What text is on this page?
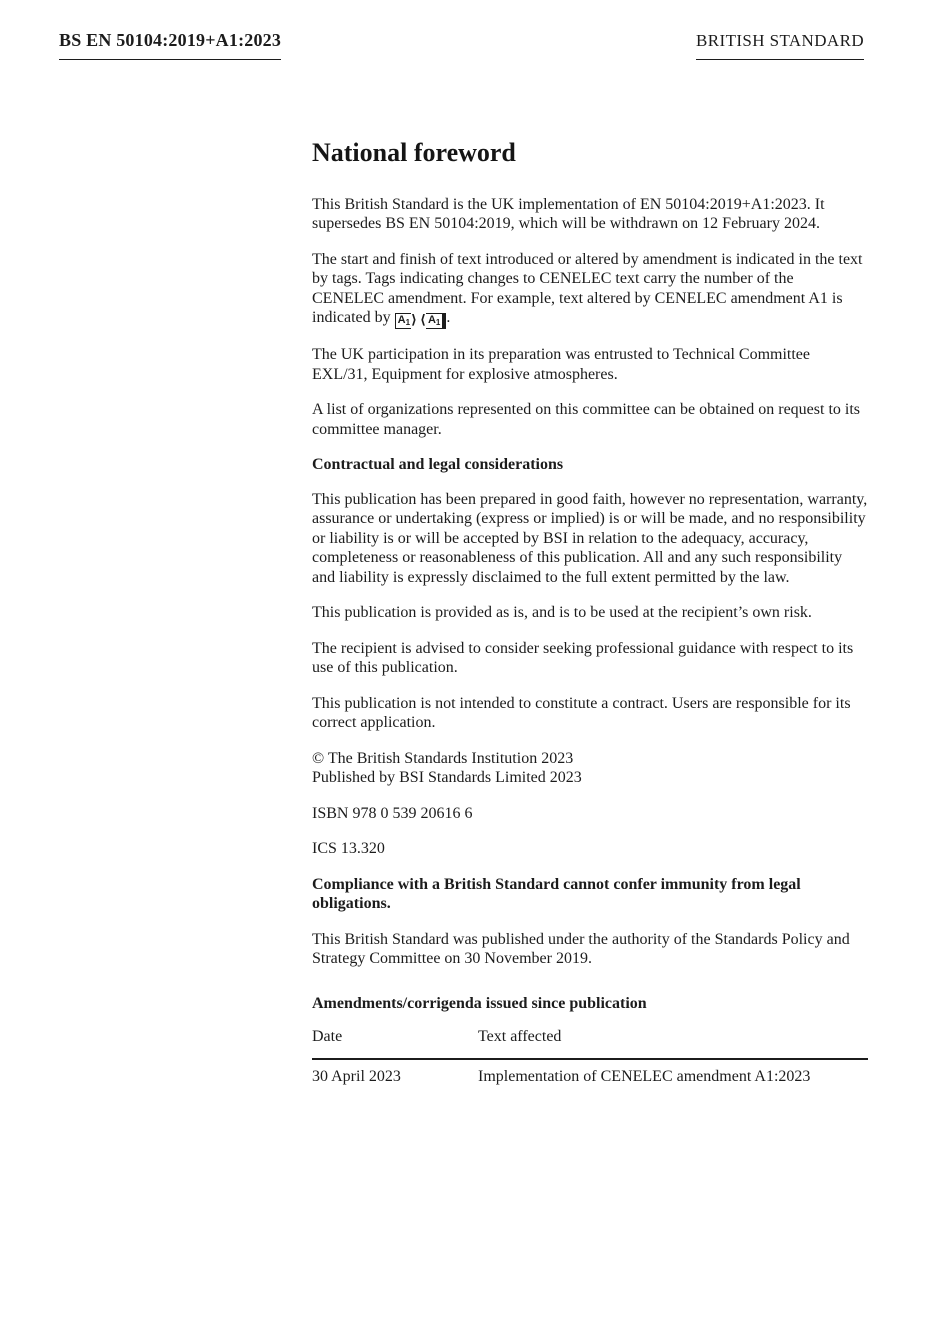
BS EN 50104:2019+A1:2023	BRITISH STANDARD
National foreword

This British Standard is the UK implementation of EN 50104:2019+A1:2023. It supersedes BS EN 50104:2019, which will be withdrawn on 12 February 2024.

The start and finish of text introduced or altered by amendment is indicated in the text by tags. Tags indicating changes to CENELEC text carry the number of the CENELEC amendment. For example, text altered by CENELEC amendment A1 is indicated by $A_1⟩$ ⟨ $A_1$ .

The UK participation in its preparation was entrusted to Technical Committee EXL/31, Equipment for explosive atmospheres.

A list of organizations represented on this committee can be obtained on request to its committee manager.

Contractual and legal considerations

This publication has been prepared in good faith, however no representation, warranty, assurance or undertaking (express or implied) is or will be made, and no responsibility or liability is or will be accepted by BSI in relation to the adequacy, accuracy, completeness or reasonableness of this publication. All and any such responsibility and liability is expressly disclaimed to the full extent permitted by the law.

This publication is provided as is, and is to be used at the recipient’s own risk.

The recipient is advised to consider seeking professional guidance with respect to its use of this publication.

This publication is not intended to constitute a contract. Users are responsible for its correct application.

© The British Standards Institution 2023
Published by BSI Standards Limited 2023

ISBN 978 0 539 20616 6

ICS 13.320

Compliance with a British Standard cannot confer immunity from legal obligations.

This British Standard was published under the authority of the Standards Policy and Strategy Committee on 30 November 2019.

Amendments/corrigenda issued since publication
Date	Text affected
30 April 2023	Implementation of CENELEC amendment A1:2023
